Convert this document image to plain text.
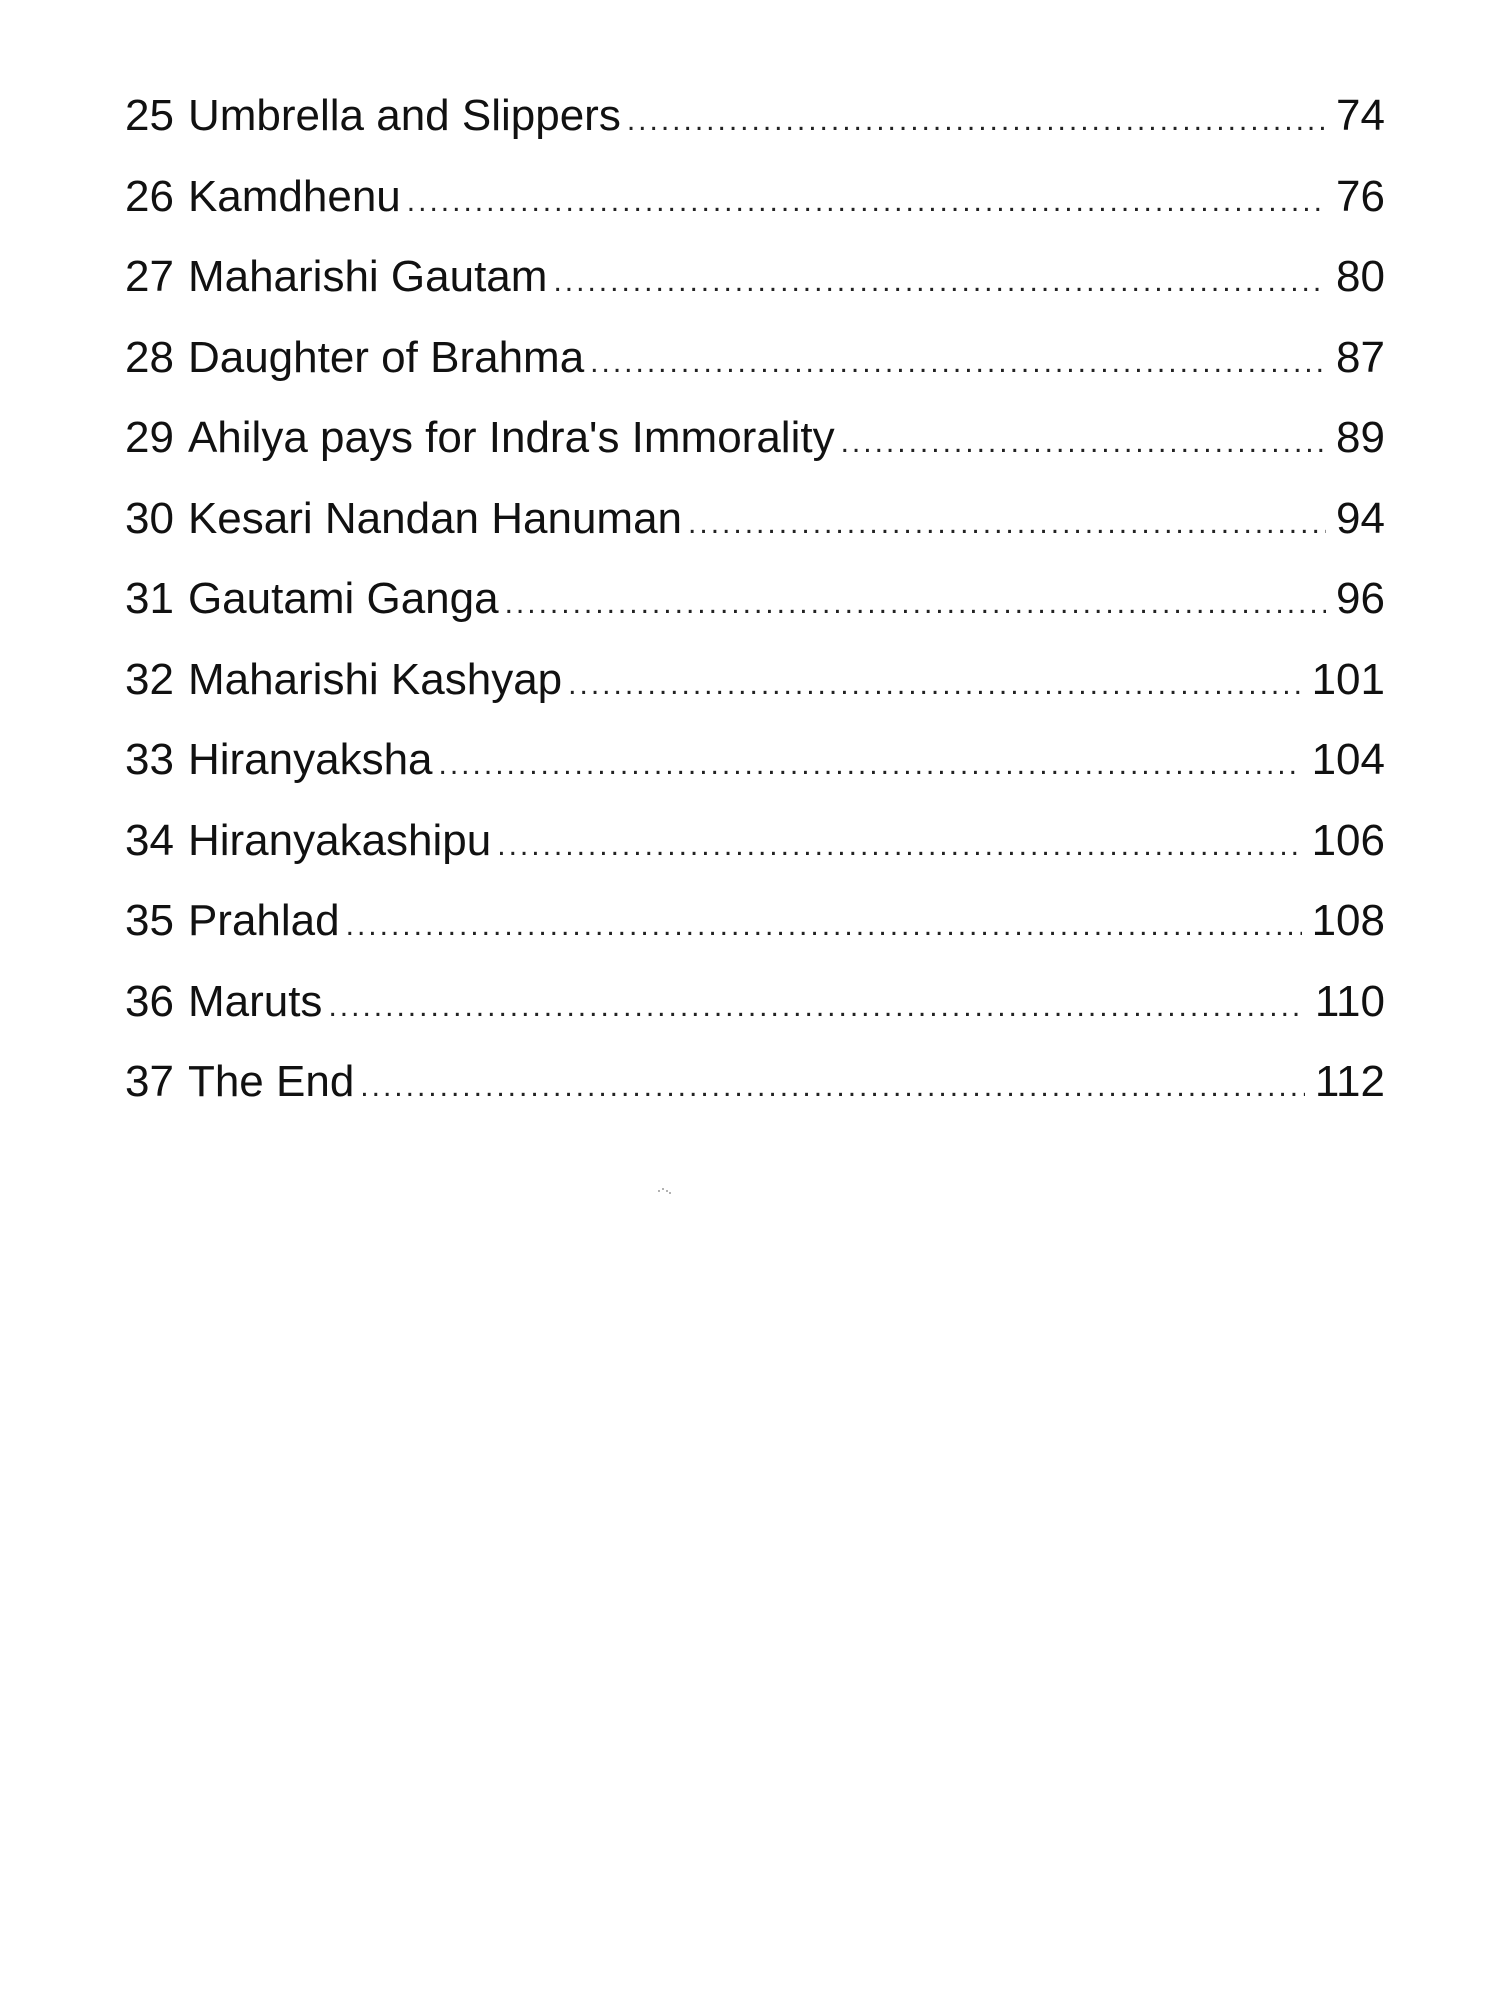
25 Umbrella and Slippers .....	74
26 Kamdhenu .....	76
27 Maharishi Gautam .....	80
28 Daughter of Brahma .....	87
29 Ahilya pays for Indra's Immorality .....	89
30 Kesari Nandan Hanuman .....	94
31 Gautami Ganga .....	96
32 Maharishi Kashyap .....	101
33 Hiranyaksha .....	104
34 Hiranyakashipu .....	106
35 Prahlad .....	108
36 Maruts .....	110
37 The End .....	112
